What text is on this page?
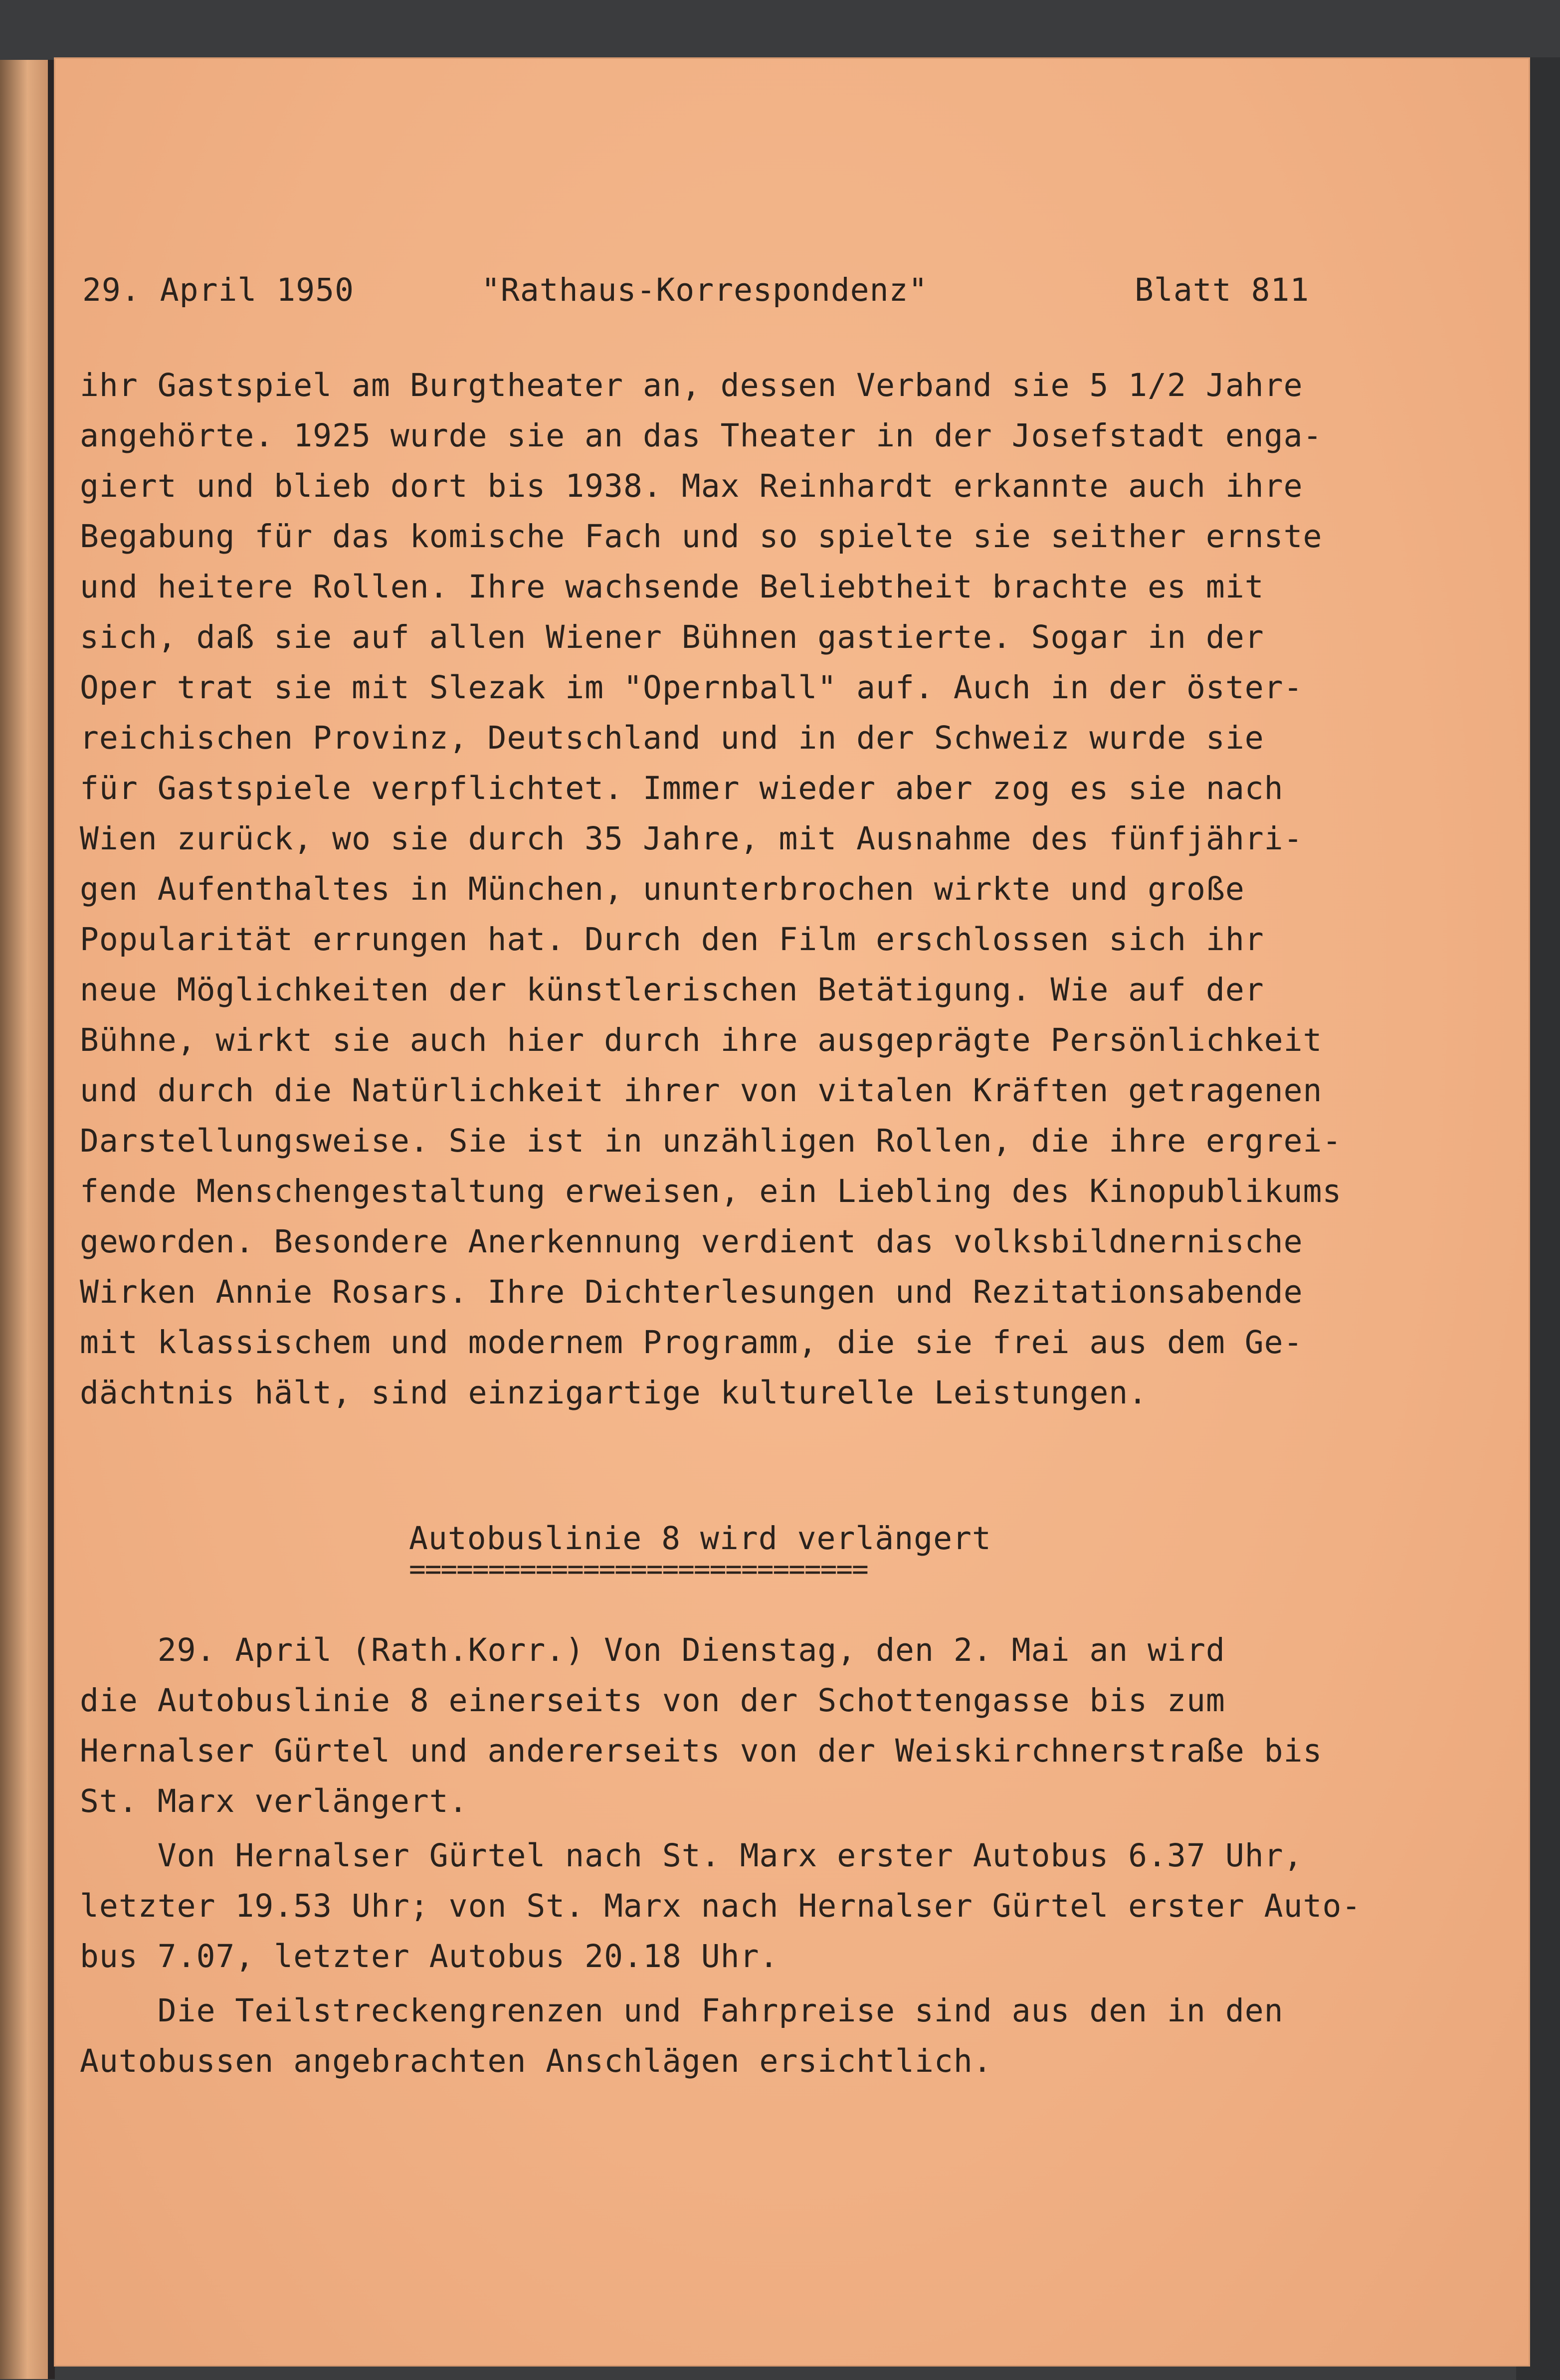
29. April 1950	"Rathaus-Korrespondenz"	Blatt 811
ihr Gastspiel am Burgtheater an, dessen Verband sie 5 1/2 Jahre
angehörte. 1925 wurde sie an das Theater in der Josefstadt enga-
giert und blieb dort bis 1938. Max Reinhardt erkannte auch ihre
Begabung für das komische Fach und so spielte sie seither ernste
und heitere Rollen. Ihre wachsende Beliebtheit brachte es mit
sich, daß sie auf allen Wiener Bühnen gastierte. Sogar in der
Oper trat sie mit Slezak im "Opernball" auf. Auch in der öster-
reichischen Provinz, Deutschland und in der Schweiz wurde sie
für Gastspiele verpflichtet. Immer wieder aber zog es sie nach
Wien zurück, wo sie durch 35 Jahre, mit Ausnahme des fünfjähri-
gen Aufenthaltes in München, ununterbrochen wirkte und große
Popularität errungen hat. Durch den Film erschlossen sich ihr
neue Möglichkeiten der künstlerischen Betätigung. Wie auf der
Bühne, wirkt sie auch hier durch ihre ausgeprägte Persönlichkeit
und durch die Natürlichkeit ihrer von vitalen Kräften getragenen
Darstellungsweise. Sie ist in unzähligen Rollen, die ihre ergrei-
fende Menschengestaltung erweisen, ein Liebling des Kinopublikums
geworden. Besondere Anerkennung verdient das volksbildnernische
Wirken Annie Rosars. Ihre Dichterlesungen und Rezitationsabende
mit klassischem und modernem Programm, die sie frei aus dem Ge-
dächtnis hält, sind einzigartige kulturelle Leistungen.
Autobuslinie 8 wird verlängert
=============================
29. April (Rath.Korr.) Von Dienstag, den 2. Mai an wird
die Autobuslinie 8 einerseits von der Schottengasse bis zum
Hernalser Gürtel und andererseits von der Weiskirchnerstraße bis
St. Marx verlängert.
Von Hernalser Gürtel nach St. Marx erster Autobus 6.37 Uhr,
letzter 19.53 Uhr; von St. Marx nach Hernalser Gürtel erster Auto-
bus 7.07, letzter Autobus 20.18 Uhr.
Die Teilstreckengrenzen und Fahrpreise sind aus den in den
Autobussen angebrachten Anschlägen ersichtlich.
